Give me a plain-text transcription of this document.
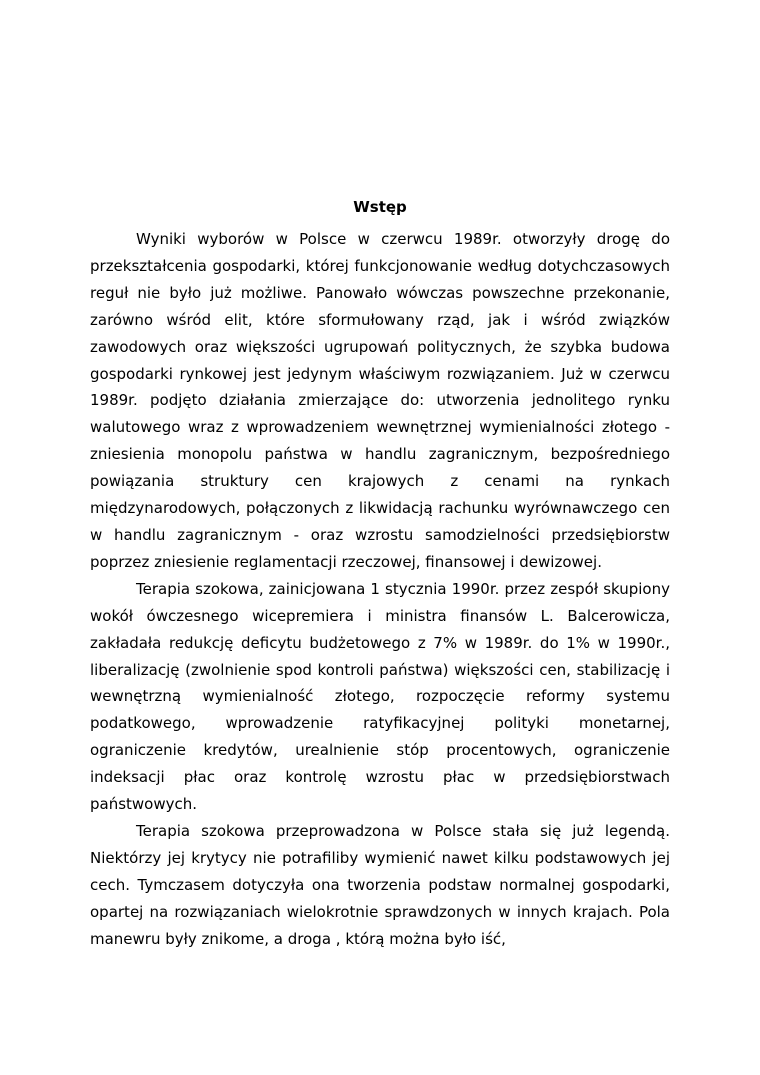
Wstęp

Wyniki wyborów w Polsce w czerwcu 1989r. otworzyły drogę do przekształcenia gospodarki, której funkcjonowanie według dotychczasowych reguł nie było już możliwe. Panowało wówczas powszechne przekonanie, zarówno wśród elit, które sformułowany rząd, jak i wśród związków zawodowych oraz większości ugrupowań politycznych, że szybka budowa gospodarki rynkowej jest jedynym właściwym rozwiązaniem. Już w czerwcu 1989r. podjęto działania zmierzające do: utworzenia jednolitego rynku walutowego wraz z wprowadzeniem wewnętrznej wymienialności złotego - zniesienia monopolu państwa w handlu zagranicznym, bezpośredniego powiązania struktury cen krajowych z cenami na rynkach międzynarodowych, połączonych z likwidacją rachunku wyrównawczego cen w handlu zagranicznym - oraz wzrostu samodzielności przedsiębiorstw poprzez zniesienie reglamentacji rzeczowej, finansowej i dewizowej.

Terapia szokowa, zainicjowana 1 stycznia 1990r. przez zespół skupiony wokół ówczesnego wicepremiera i ministra finansów L. Balcerowicza, zakładała redukcję deficytu budżetowego z 7% w 1989r. do 1% w 1990r., liberalizację (zwolnienie spod kontroli państwa) większości cen, stabilizację i wewnętrzną wymienialność złotego, rozpoczęcie reformy systemu podatkowego, wprowadzenie ratyfikacyjnej polityki monetarnej, ograniczenie kredytów, urealnienie stóp procentowych, ograniczenie indeksacji płac oraz kontrolę wzrostu płac w przedsiębiorstwach państwowych.

Terapia szokowa przeprowadzona w Polsce stała się już legendą. Niektórzy jej krytycy nie potrafiliby wymienić nawet kilku podstawowych jej cech. Tymczasem dotyczyła ona tworzenia podstaw normalnej gospodarki, opartej na rozwiązaniach wielokrotnie sprawdzonych w innych krajach. Pola manewru były znikome, a droga , którą można było iść,
